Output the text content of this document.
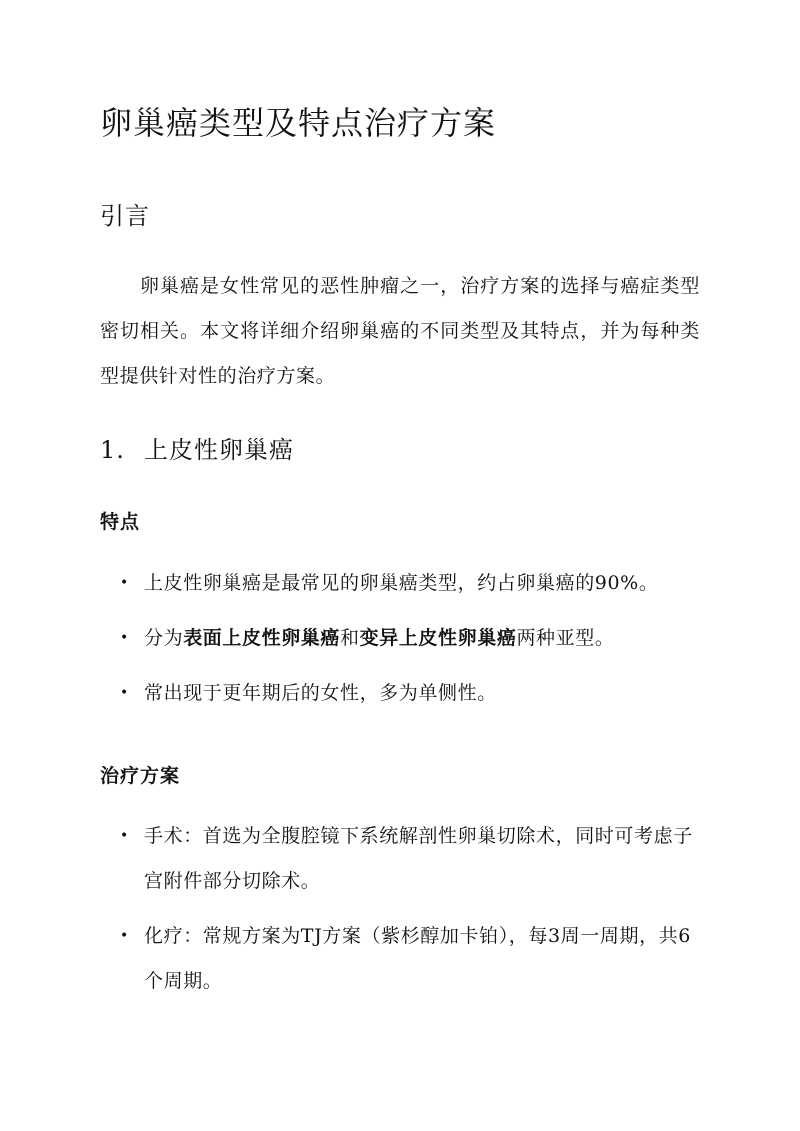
卵巢癌类型及特点治疗方案
引言

卵巢癌是女性常见的恶性肿瘤之一，治疗方案的选择与癌症类型密切相关。本文将详细介绍卵巢癌的不同类型及其特点，并为每种类型提供针对性的治疗方案。

1. 上皮性卵巢癌
特点
• 上皮性卵巢癌是最常见的卵巢癌类型，约占卵巢癌的90%。
• 分为表面上皮性卵巢癌和变异上皮性卵巢癌两种亚型。
• 常出现于更年期后的女性，多为单侧性。
治疗方案
• 手术：首选为全腹腔镜下系统解剖性卵巢切除术，同时可考虑子宫附件部分切除术。
• 化疗：常规方案为TJ方案（紫杉醇加卡铂），每3周一周期，共6个周期。
